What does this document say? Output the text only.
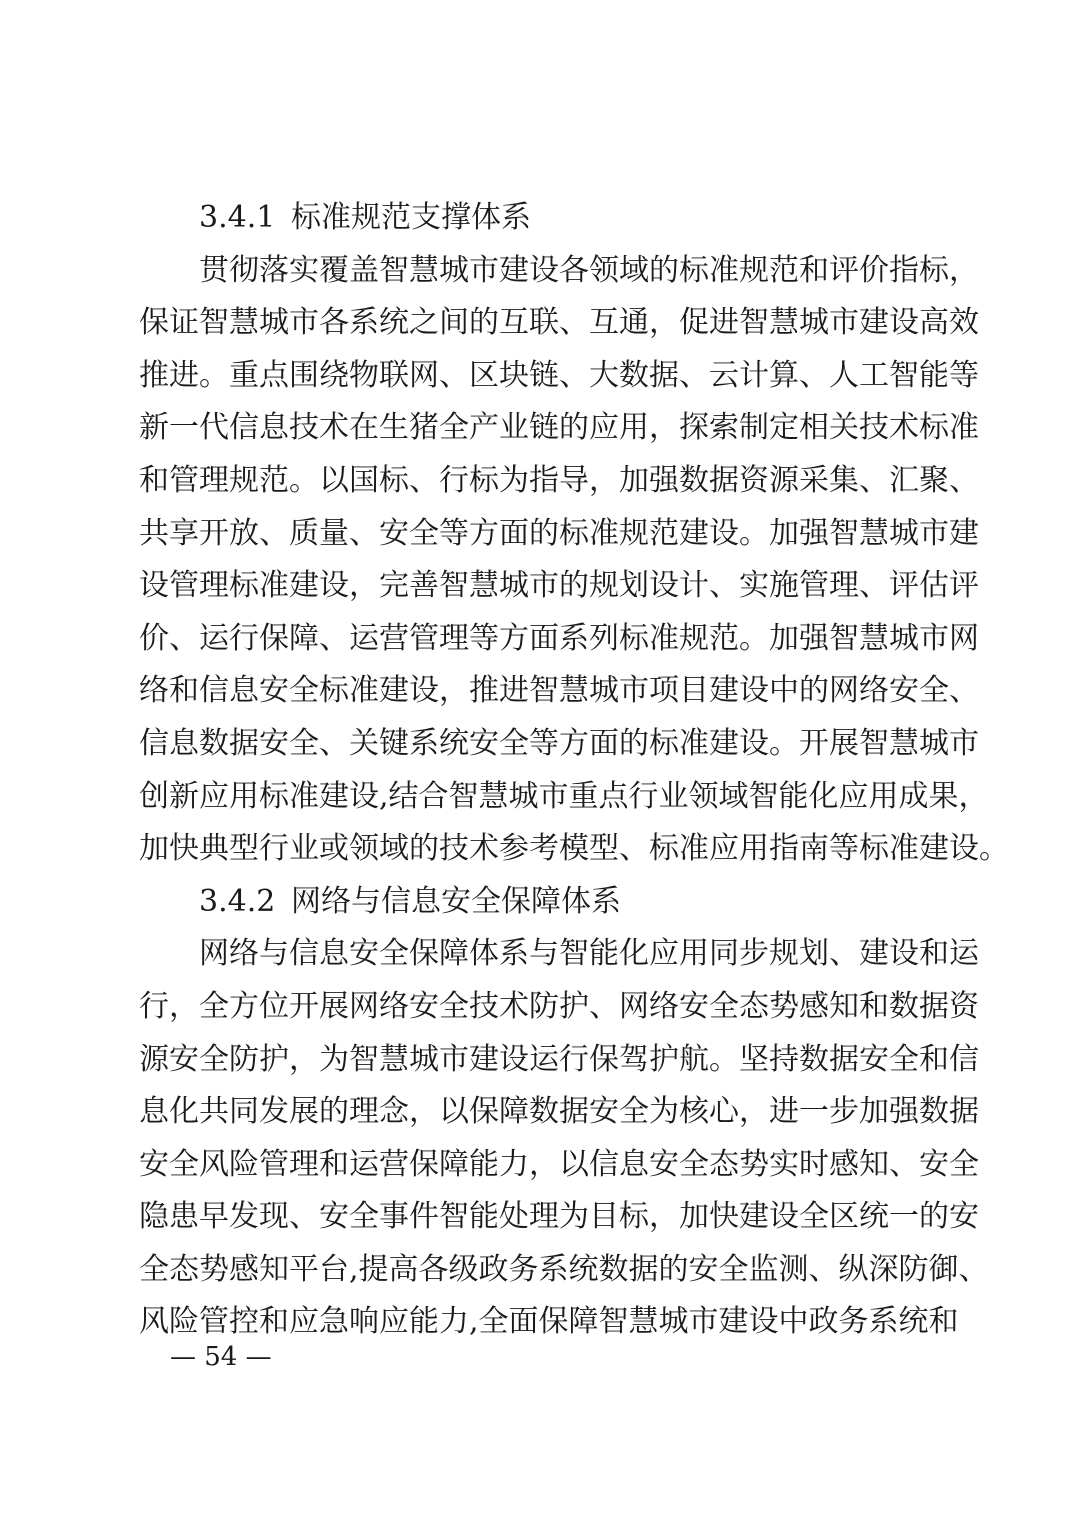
3.4.1 标准规范支撑体系
贯彻落实覆盖智慧城市建设各领域的标准规范和评价指标，
保证智慧城市各系统之间的互联、互通，促进智慧城市建设高效
推进。重点围绕物联网、区块链、大数据、云计算、人工智能等
新一代信息技术在生猪全产业链的应用，探索制定相关技术标准
和管理规范。以国标、行标为指导，加强数据资源采集、汇聚、
共享开放、质量、安全等方面的标准规范建设。加强智慧城市建
设管理标准建设，完善智慧城市的规划设计、实施管理、评估评
价、运行保障、运营管理等方面系列标准规范。加强智慧城市网
络和信息安全标准建设，推进智慧城市项目建设中的网络安全、
信息数据安全、关键系统安全等方面的标准建设。开展智慧城市
创新应用标准建设,结合智慧城市重点行业领域智能化应用成果，
加快典型行业或领域的技术参考模型、标准应用指南等标准建设。
3.4.2 网络与信息安全保障体系
网络与信息安全保障体系与智能化应用同步规划、建设和运
行，全方位开展网络安全技术防护、网络安全态势感知和数据资
源安全防护，为智慧城市建设运行保驾护航。坚持数据安全和信
息化共同发展的理念，以保障数据安全为核心，进一步加强数据
安全风险管理和运营保障能力，以信息安全态势实时感知、安全
隐患早发现、安全事件智能处理为目标，加快建设全区统一的安
全态势感知平台,提高各级政务系统数据的安全监测、纵深防御、
风险管控和应急响应能力,全面保障智慧城市建设中政务系统和
— 54 —
